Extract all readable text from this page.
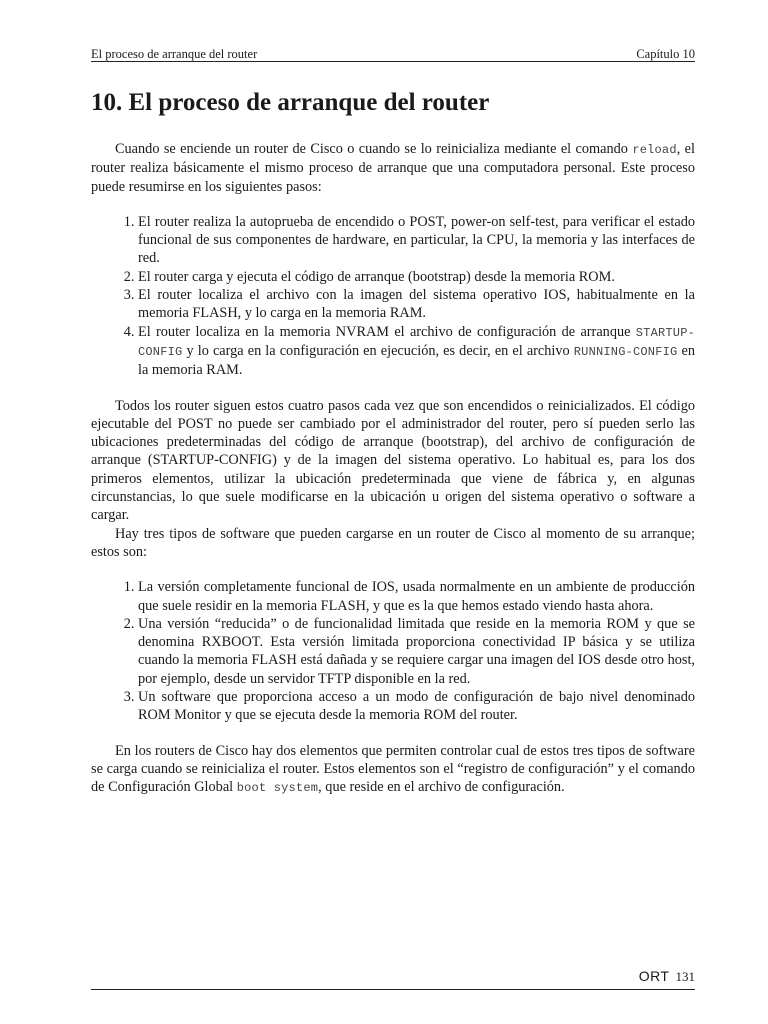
El proceso de arranque del router	Capítulo 10
10. El proceso de arranque del router

Cuando se enciende un router de Cisco o cuando se lo reinicializa mediante el comando reload, el router realiza básicamente el mismo proceso de arranque que una computadora personal. Este proceso puede resumirse en los siguientes pasos:

1. El router realiza la autoprueba de encendido o POST, power-on self-test, para verificar el estado funcional de sus componentes de hardware, en particular, la CPU, la memoria y las interfaces de red.
2. El router carga y ejecuta el código de arranque (bootstrap) desde la memoria ROM.
3. El router localiza el archivo con la imagen del sistema operativo IOS, habitualmente en la memoria FLASH, y lo carga en la memoria RAM.
4. El router localiza en la memoria NVRAM el archivo de configuración de arranque STARTUP-CONFIG y lo carga en la configuración en ejecución, es decir, en el archivo RUNNING-CONFIG en la memoria RAM.

Todos los router siguen estos cuatro pasos cada vez que son encendidos o reinicializados. El código ejecutable del POST no puede ser cambiado por el administrador del router, pero sí pueden serlo las ubicaciones predeterminadas del código de arranque (bootstrap), del archivo de configuración de arranque (STARTUP-CONFIG) y de la imagen del sistema operativo. Lo habitual es, para los dos primeros elementos, utilizar la ubicación predeterminada que viene de fábrica y, en algunas circunstancias, lo que suele modificarse en la ubicación u origen del sistema operativo o software a cargar.

Hay tres tipos de software que pueden cargarse en un router de Cisco al momento de su arranque; estos son:

1. La versión completamente funcional de IOS, usada normalmente en un ambiente de producción que suele residir en la memoria FLASH, y que es la que hemos estado viendo hasta ahora.
2. Una versión “reducida” o de funcionalidad limitada que reside en la memoria ROM y que se denomina RXBOOT. Esta versión limitada proporciona conectividad IP básica y se utiliza cuando la memoria FLASH está dañada y se requiere cargar una imagen del IOS desde otro host, por ejemplo, desde un servidor TFTP disponible en la red.
3. Un software que proporciona acceso a un modo de configuración de bajo nivel denominado ROM Monitor y que se ejecuta desde la memoria ROM del router.

En los routers de Cisco hay dos elementos que permiten controlar cual de estos tres tipos de software se carga cuando se reinicializa el router. Estos elementos son el “registro de configuración” y el comando de Configuración Global boot system, que reside en el archivo de configuración.

ORT 131
